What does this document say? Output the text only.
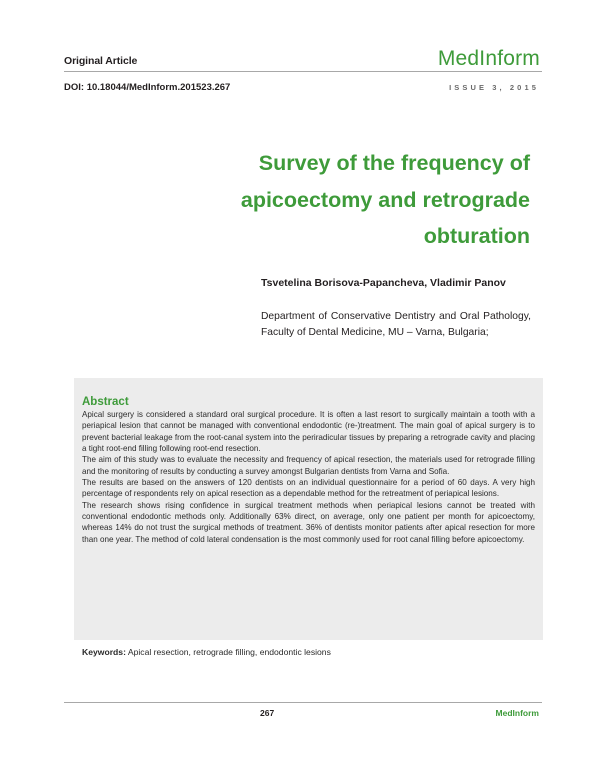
Original Article	MedInform
DOI: 10.18044/MedInform.201523.267	ISSUE 3, 2015
Survey of the frequency of
apicoectomy and retrograde
obturation
Tsvetelina Borisova-Papancheva, Vladimir Panov
Department of Conservative Dentistry and Oral Pathology, Faculty of Dental Medicine, MU – Varna, Bulgaria;
Abstract

Apical surgery is considered a standard oral surgical procedure. It is often a last resort to surgically maintain a tooth with a periapical lesion that cannot be managed with conventional endodontic (re-)treatment. The main goal of apical surgery is to prevent bacterial leakage from the root-canal system into the periradicular tissues by preparing a retrograde cavity and placing a tight root-end filling following root-end resection.

The aim of this study was to evaluate the necessity and frequency of apical resection, the materials used for retrograde filling and the monitoring of results by conducting a survey amongst Bulgarian dentists from Varna and Sofia.

The results are based on the answers of 120 dentists on an individual questionnaire for a period of 60 days. A very high percentage of respondents rely on apical resection as a dependable method for the retreatment of periapical lesions.

The research shows rising confidence in surgical treatment methods when periapical lesions cannot be treated with conventional endodontic methods only. Additionally 63% direct, on average, only one patient per month for apicoectomy, whereas 14% do not trust the surgical methods of treatment. 36% of dentists monitor patients after apical resection for more than one year. The method of cold lateral condensation is the most commonly used for root canal filling before apicoectomy.

Keywords: Apical resection, retrograde filling, endodontic lesions
267	MedInform
